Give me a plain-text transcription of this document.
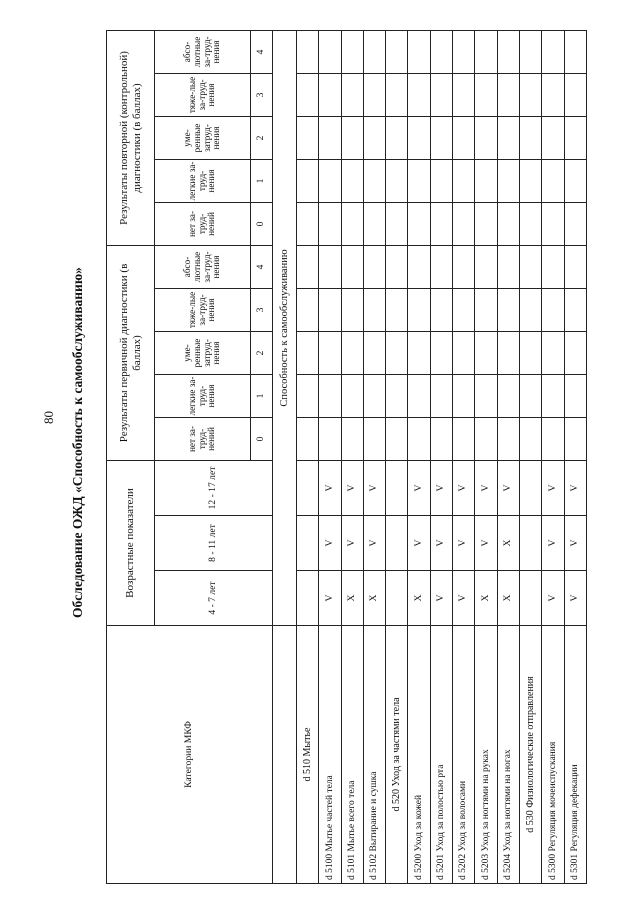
80 Обследование ОЖД «Способность к самообслуживанию»
Категории МКФ	Возрастные показатели			Результаты первичной диагностики (в баллах)					Результаты повторной (контрольной) диагностики (в баллах)				
	4 - 7 лет	8 - 11 лет	12 - 17 лет	нет за-труд-нений	легкие за-труд-нения	уме-ренные затруд-нения	тяже-лые за-труд-нения	абсо-лютные за-труд-нения	нет за-труд-нений	легкие за-труд-нения	уме-ренные затруд-нения	тяже-лые за-труд-нения	абсо-лютные за-труд-нения
				0	1	2	3	4	0	1	2	3	4
	Способность к самообслуживанию												
d 510 Мытье													
d 5100 Мытье частей тела	V	V	V										
d 5101 Мытье всего тела	X	V	V										
d 5102 Вытирание и сушка	X	V	V										
d 520 Уход за частями тела													
d 5200 Уход за кожей	X	V	V										
d 5201 Уход за полостью рта	V	V	V										
d 5202 Уход за волосами	V	V	V										
d 5203 Уход за ногтями на руках	X	V	V										
d 5204 Уход за ногтями на ногах	X	X	V										
d 530 Физиологические отправления													
d 5300 Регуляция мочеиспускания	V	V	V										
d 5301 Регуляция дефекации	V	V	V										
